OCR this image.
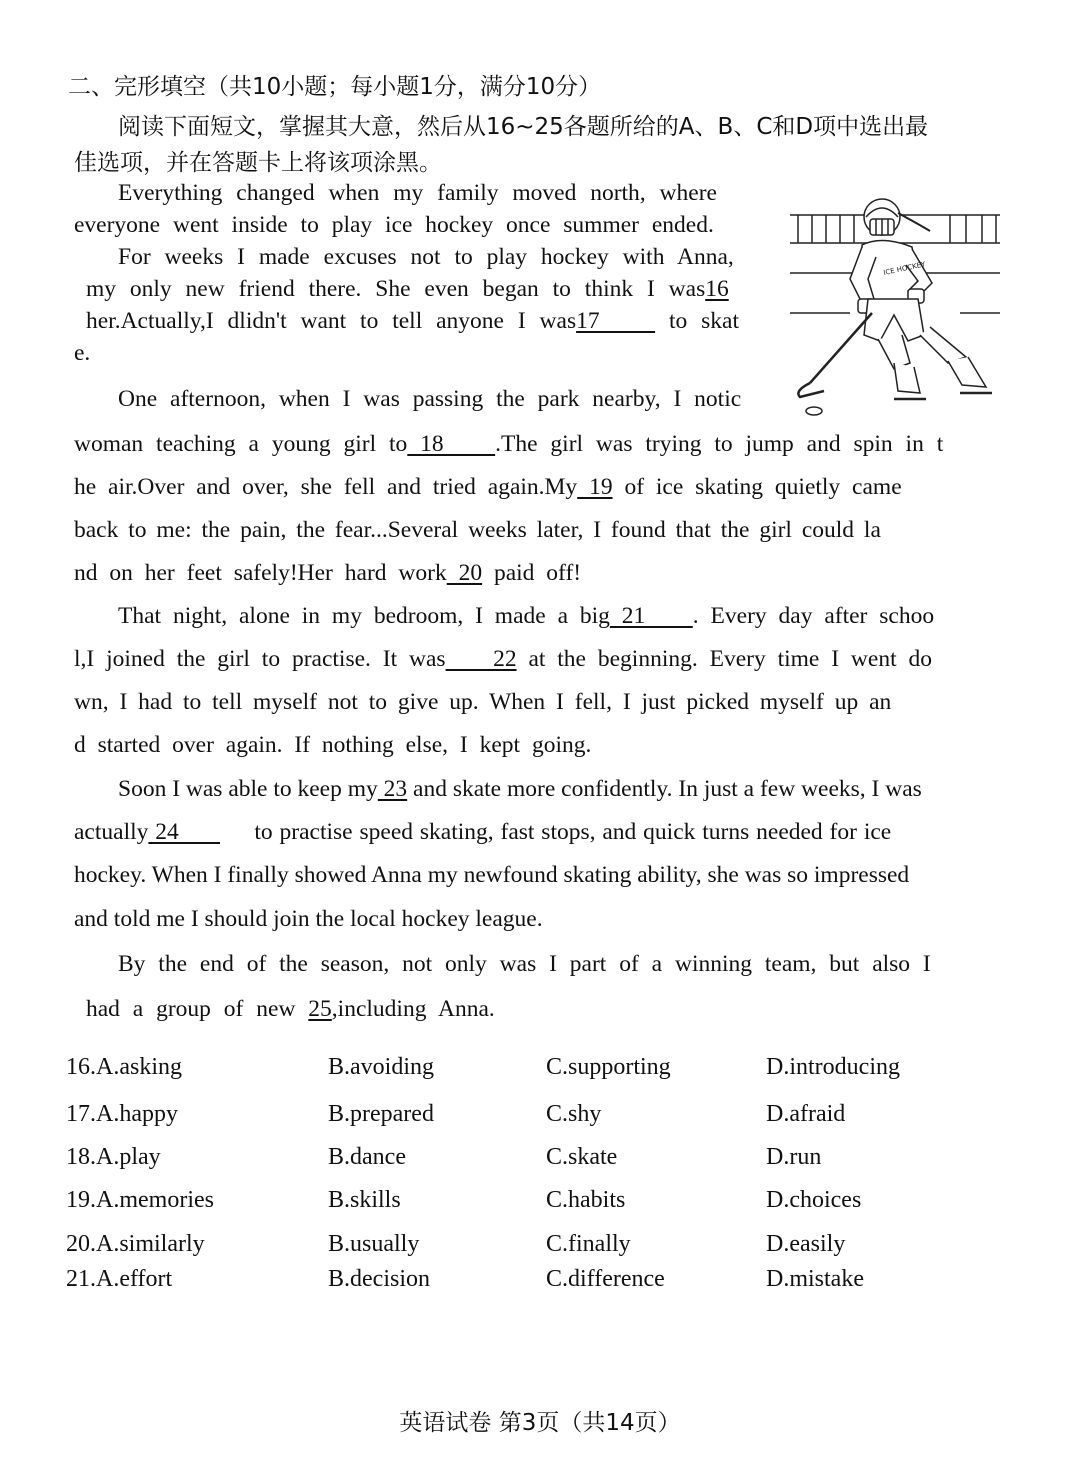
二、完形填空（共10小题；每小题1分，满分10分）
阅读下面短文，掌握其大意，然后从16~25各题所给的A、B、C和D项中选出最
佳选项，并在答题卡上将该项涂黑。
Everything changed when my family moved north, where
everyone went inside to play ice hockey once summer ended.
For weeks I made excuses not to play hockey with Anna,
my only new friend there. She even began to think I was16
her.Actually,I dlidn't want to tell anyone I was17     to skat
e.
One afternoon, when I was passing the park nearby, I notic
woman teaching a young girl to 18    .The girl was trying to jump and spin in t
he air.Over and over, she fell and tried again.My 19 of ice skating quietly came
back to me: the pain, the fear...Several weeks later, I found that the girl could la
nd on her feet safely!Her hard work 20 paid off!
That night, alone in my bedroom, I made a big 21    . Every day after schoo
l,I joined the girl to practise. It was    22 at the beginning. Every time I went do
wn, I had to tell myself not to give up. When I fell, I just picked myself up an
d started over again. If nothing else, I kept going.
Soon I was able to keep my 23 and skate more confidently. In just a few weeks, I was
actually 24           to practise speed skating, fast stops, and quick turns needed for ice
hockey. When I finally showed Anna my newfound skating ability, she was so impressed
and told me I should join the local hockey league.
By the end of the season, not only was I part of a winning team, but also I
had a group of new 25,including Anna.
ICE HOCKEY
16.A.asking	B.avoiding	C.supporting	D.introducing
17.A.happy	B.prepared	C.shy	D.afraid
18.A.play	B.dance	C.skate	D.run
19.A.memories	B.skills	C.habits	D.choices
20.A.similarly	B.usually	C.finally	D.easily
21.A.effort	B.decision	C.difference	D.mistake
英语试卷 第3页（共14页）
